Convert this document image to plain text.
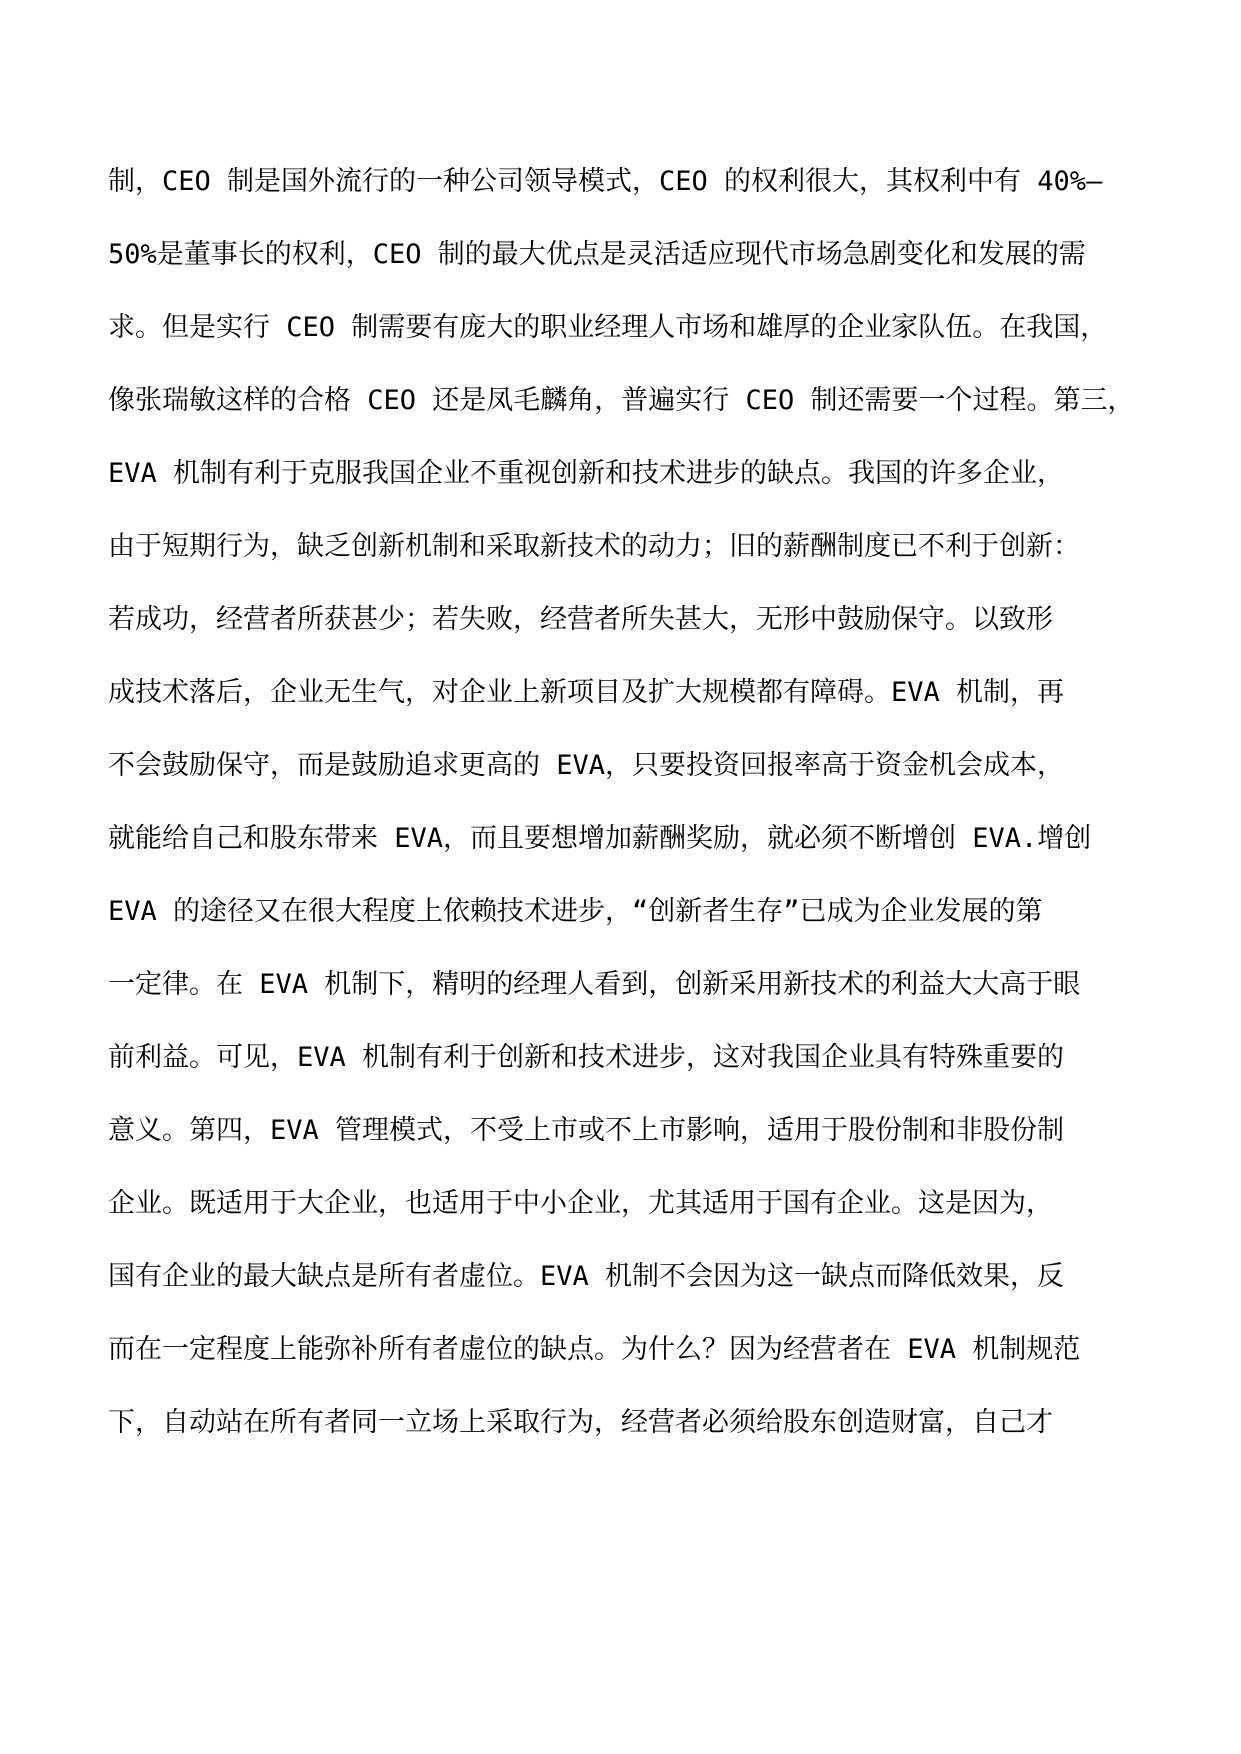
制，CEO 制是国外流行的一种公司领导模式，CEO 的权利很大，其权利中有 40%—
50%是董事长的权利，CEO 制的最大优点是灵活适应现代市场急剧变化和发展的需
求。但是实行 CEO 制需要有庞大的职业经理人市场和雄厚的企业家队伍。在我国，
像张瑞敏这样的合格 CEO 还是凤毛麟角，普遍实行 CEO 制还需要一个过程。第三，
EVA 机制有利于克服我国企业不重视创新和技术进步的缺点。我国的许多企业，
由于短期行为，缺乏创新机制和采取新技术的动力；旧的薪酬制度已不利于创新：
若成功，经营者所获甚少；若失败，经营者所失甚大，无形中鼓励保守。以致形
成技术落后，企业无生气，对企业上新项目及扩大规模都有障碍。EVA 机制，再
不会鼓励保守，而是鼓励追求更高的 EVA，只要投资回报率高于资金机会成本，
就能给自己和股东带来 EVA，而且要想增加薪酬奖励，就必须不断增创 EVA.增创
EVA 的途径又在很大程度上依赖技术进步，“创新者生存”已成为企业发展的第
一定律。在 EVA 机制下，精明的经理人看到，创新采用新技术的利益大大高于眼
前利益。可见，EVA 机制有利于创新和技术进步，这对我国企业具有特殊重要的
意义。第四，EVA 管理模式，不受上市或不上市影响，适用于股份制和非股份制
企业。既适用于大企业，也适用于中小企业，尤其适用于国有企业。这是因为，
国有企业的最大缺点是所有者虚位。EVA 机制不会因为这一缺点而降低效果，反
而在一定程度上能弥补所有者虚位的缺点。为什么？因为经营者在 EVA 机制规范
下，自动站在所有者同一立场上采取行为，经营者必须给股东创造财富，自己才
